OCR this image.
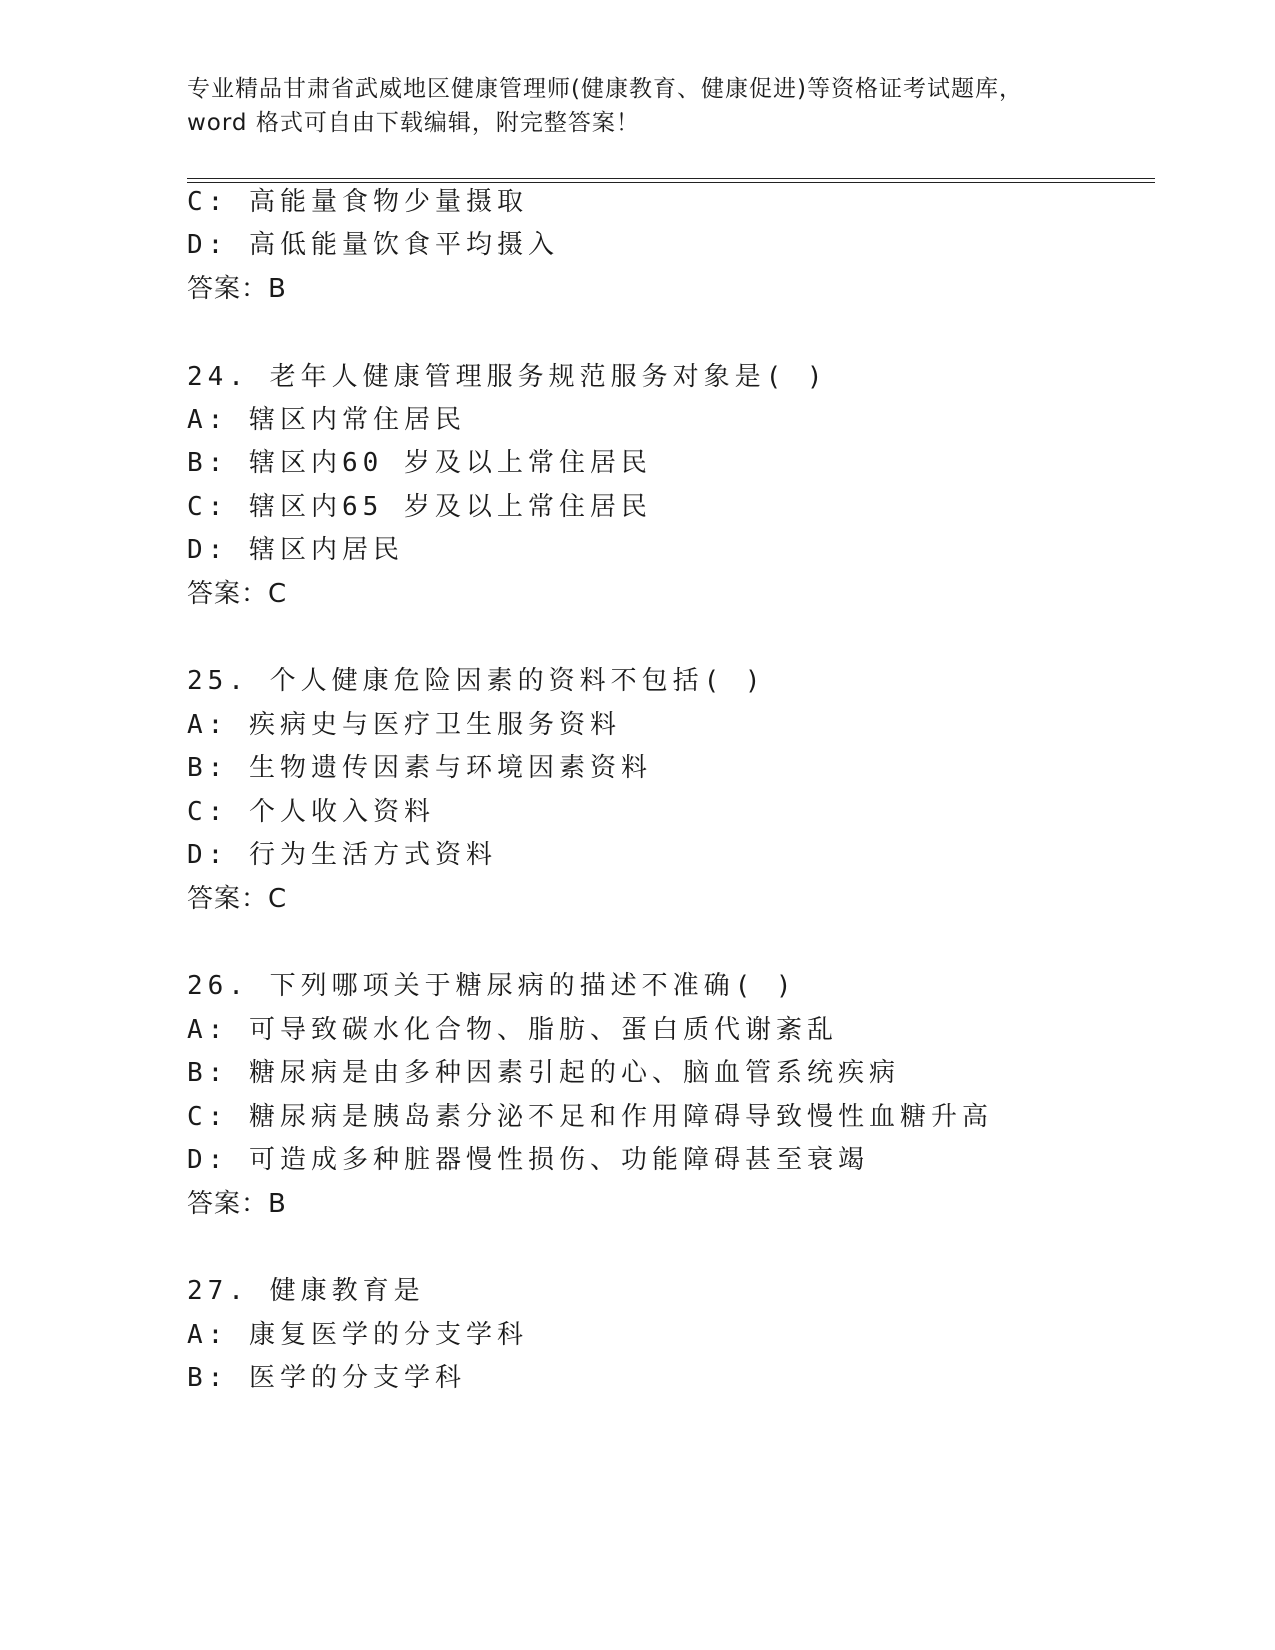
专业精品甘肃省武威地区健康管理师(健康教育、健康促进)等资格证考试题库，
word 格式可自由下载编辑，附完整答案！
C: 高能量食物少量摄取
D: 高低能量饮食平均摄入
答案：B
24. 老年人健康管理服务规范服务对象是( )
A: 辖区内常住居民
B: 辖区内60 岁及以上常住居民
C: 辖区内65 岁及以上常住居民
D: 辖区内居民
答案：C
25. 个人健康危险因素的资料不包括( )
A: 疾病史与医疗卫生服务资料
B: 生物遗传因素与环境因素资料
C: 个人收入资料
D: 行为生活方式资料
答案：C
26. 下列哪项关于糖尿病的描述不准确( )
A: 可导致碳水化合物、脂肪、蛋白质代谢紊乱
B: 糖尿病是由多种因素引起的心、脑血管系统疾病
C: 糖尿病是胰岛素分泌不足和作用障碍导致慢性血糖升高
D: 可造成多种脏器慢性损伤、功能障碍甚至衰竭
答案：B
27. 健康教育是
A: 康复医学的分支学科
B: 医学的分支学科
